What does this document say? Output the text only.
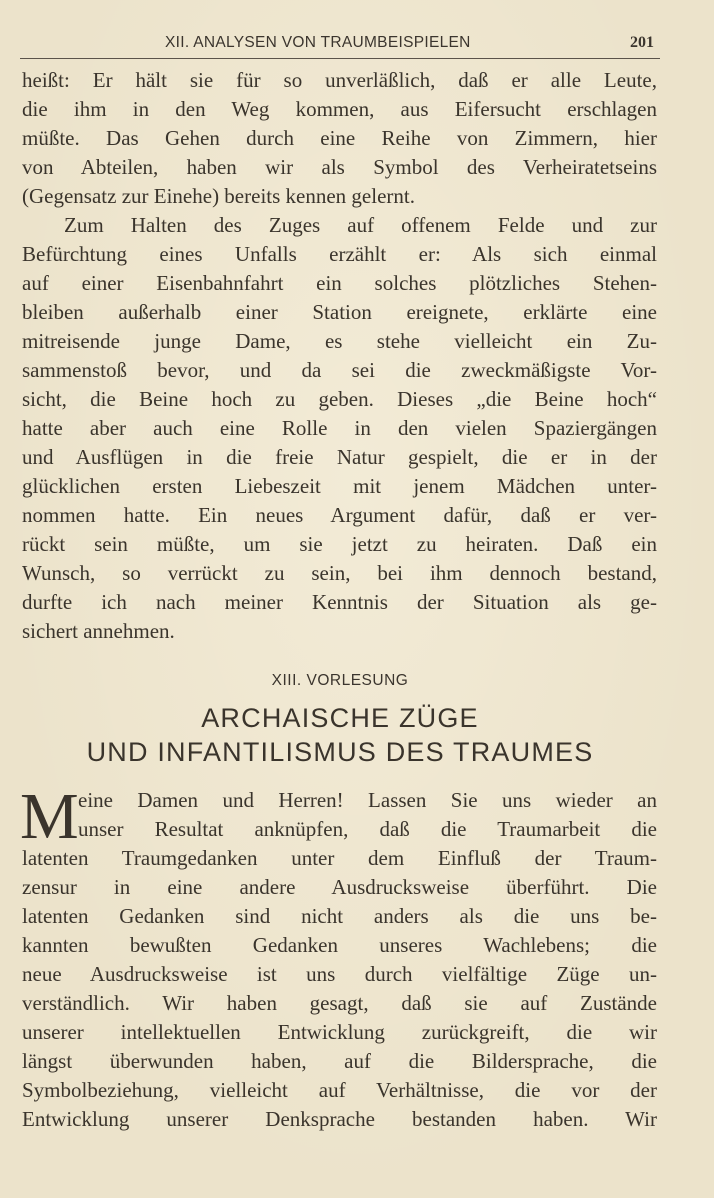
XII. ANALYSEN VON TRAUMBEISPIELEN	201
heißt: Er hält sie für so unverläßlich, daß er alle Leute,
die ihm in den Weg kommen, aus Eifersucht erschlagen
müßte. Das Gehen durch eine Reihe von Zimmern, hier
von Abteilen, haben wir als Symbol des Verheiratetseins
(Gegensatz zur Einehe) bereits kennen gelernt.
Zum Halten des Zuges auf offenem Felde und zur
Befürchtung eines Unfalls erzählt er: Als sich einmal
auf einer Eisenbahnfahrt ein solches plötzliches Stehen-
bleiben außerhalb einer Station ereignete, erklärte eine
mitreisende junge Dame, es stehe vielleicht ein Zu-
sammenstoß bevor, und da sei die zweckmäßigste Vor-
sicht, die Beine hoch zu geben. Dieses „die Beine hoch“
hatte aber auch eine Rolle in den vielen Spaziergängen
und Ausflügen in die freie Natur gespielt, die er in der
glücklichen ersten Liebeszeit mit jenem Mädchen unter-
nommen hatte. Ein neues Argument dafür, daß er ver-
rückt sein müßte, um sie jetzt zu heiraten. Daß ein
Wunsch, so verrückt zu sein, bei ihm dennoch bestand,
durfte ich nach meiner Kenntnis der Situation als ge-
sichert annehmen.
XIII. VORLESUNG
ARCHAISCHE ZÜGE
UND INFANTILISMUS DES TRAUMES
M eine Damen und Herren! Lassen Sie uns wieder an
unser Resultat anknüpfen, daß die Traumarbeit die
latenten Traumgedanken unter dem Einfluß der Traum-
zensur in eine andere Ausdrucksweise überführt. Die
latenten Gedanken sind nicht anders als die uns be-
kannten bewußten Gedanken unseres Wachlebens; die
neue Ausdrucksweise ist uns durch vielfältige Züge un-
verständlich. Wir haben gesagt, daß sie auf Zustände
unserer intellektuellen Entwicklung zurückgreift, die wir
längst überwunden haben, auf die Bildersprache, die
Symbolbeziehung, vielleicht auf Verhältnisse, die vor der
Entwicklung unserer Denksprache bestanden haben. Wir
